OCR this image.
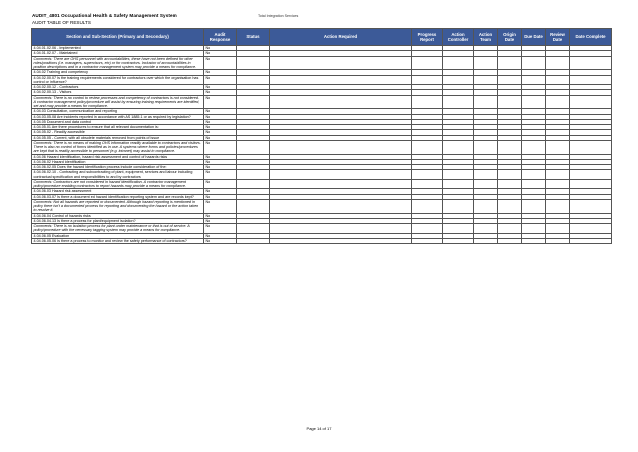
AUDIT_4801 Occupational Health & Safety Management System
AUDIT TABLE OF RESULTS
Total Integration Services
Section and Sub-Section (Primary and Secondary)	Audit Response	Status	Action Required	Progress Report	Action Controller	Action Team	Origin Date	Due Date	Review Date	Date Complete
4.04.01.02.06 - Implemented	No									
4.04.01.02.07 - Maintained	No									
Comments: There are OHS personnel with accountabilities, these have not been defined for other roles/positions (i.e. managers, supervisors, etc) or for contractors. Inclusion of accountabilities in position descriptions and in a contractor management system may provide a means for compliance.	No									
4.04.02 Training and competency	No									
4.04.02.00.07 Is the training requirements considered for contractors over which the organisation has control or influence?	No									
4.04.02.00.12 - Contractors	No									
4.04.02.00.13 - Visitors	No									
Comments: There is no control to review processes and competency of contractors is not considered. A contractor management policy/procedure will assist by ensuring training requirements are identified, set and may provide a means for compliance.	No									
4.04.03 Consultation, communication and reporting	No									
4.04.03.05.08 Are incidents reported in accordance with AS 1885.1 or as required by legislation?	No									
4.04.05 Document and data control	No									
4.04.05.01 Are there procedures to ensure that all relevant documentation is:	No									
4.04.05.02 - Readily accessible	No									
4.04.05.05 - Current, with all obsolete materials removed from points of issue	No									
Comments: There is no means of making OHS information readily available to contractors and visitors. There is also no control of forms identified as in use. A systems where forms and policies/procedures are kept that is readily accessible to personnel (e.g. intranet) may assist in compliance.	No									
4.04.06 Hazard identification, hazard risk assessment and control of hazards risks	No									
4.04.06.02 Hazard identification	No									
4.04.06.02.05 Does the hazard identification process include consideration of the:	No									
4.04.06.02.10 - Contracting and subcontracting of plant, equipment, services and labour including contractual specification and responsibilities to and by contractors	No									
Comments: Contractors are not considered in hazard identification. A contractor management policy/procedure enabling contractors to report hazards may provide a means for compliance.	No									
4.04.06.03 Hazard risk assessment	No									
4.04.06.03.07 Is there a document ed hazard identification reporting system and are records kept?	No									
Comments: Not all hazards are reported or documented. Although hazard reporting is mentioned in policy there isn't a documented process for reporting and documenting the hazard or the action taken to resolve it.	No									
4.04.06.04 Control of hazards risks	No									
4.04.06.04.13 Is there a process for plant/equipment isolation?	No									
Comments: There is no isolation process for plant under maintenance or that is out of service. A policy/procedure with the necessary tagging system may provide a means for compliance.	No									
4.04.06.05 Evaluation	No									
4.04.06.05.06 Is there a process to monitor and review the safety performance of contractors?	No									
Page 14 of 17
